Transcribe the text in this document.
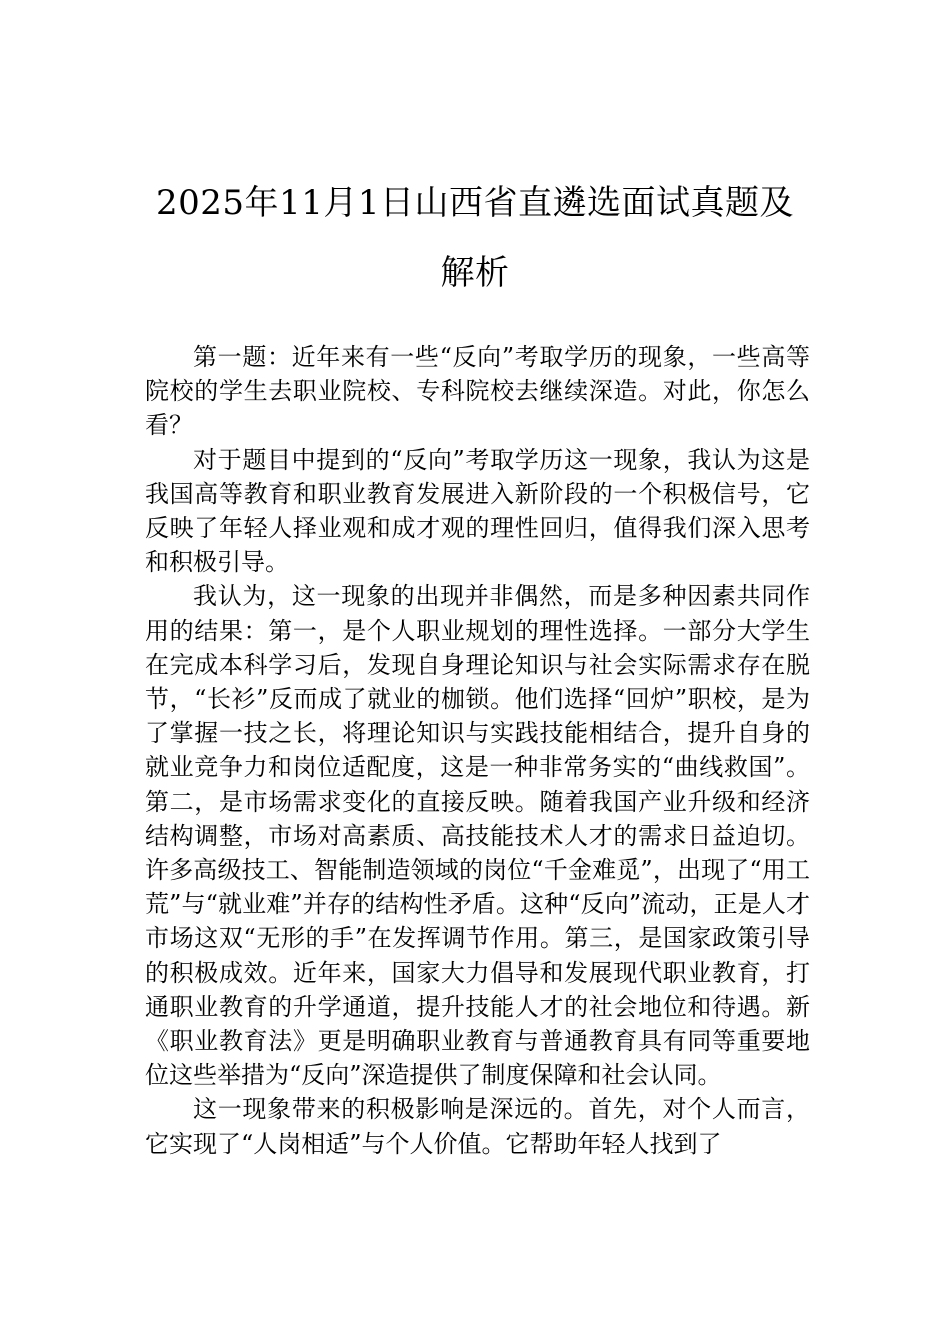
2025年11月1日山西省直遴选面试真题及解析

第一题：近年来有一些“反向”考取学历的现象，一些高等院校的学生去职业院校、专科院校去继续深造。对此，你怎么看？

对于题目中提到的“反向”考取学历这一现象，我认为这是我国高等教育和职业教育发展进入新阶段的一个积极信号，它反映了年轻人择业观和成才观的理性回归，值得我们深入思考和积极引导。

我认为，这一现象的出现并非偶然，而是多种因素共同作用的结果：第一，是个人职业规划的理性选择。一部分大学生在完成本科学习后，发现自身理论知识与社会实际需求存在脱节，“长衫”反而成了就业的枷锁。他们选择“回炉”职校，是为了掌握一技之长，将理论知识与实践技能相结合，提升自身的就业竞争力和岗位适配度，这是一种非常务实的“曲线救国”。第二，是市场需求变化的直接反映。随着我国产业升级和经济结构调整，市场对高素质、高技能技术人才的需求日益迫切。许多高级技工、智能制造领域的岗位“千金难觅”，出现了“用工荒”与“就业难”并存的结构性矛盾。这种“反向”流动，正是人才市场这双“无形的手”在发挥调节作用。第三，是国家政策引导的积极成效。近年来，国家大力倡导和发展现代职业教育，打通职业教育的升学通道，提升技能人才的社会地位和待遇。新《职业教育法》更是明确职业教育与普通教育具有同等重要地位这些举措为“反向”深造提供了制度保障和社会认同。

这一现象带来的积极影响是深远的。首先，对个人而言，它实现了“人岗相适”与个人价值。它帮助年轻人找到了
